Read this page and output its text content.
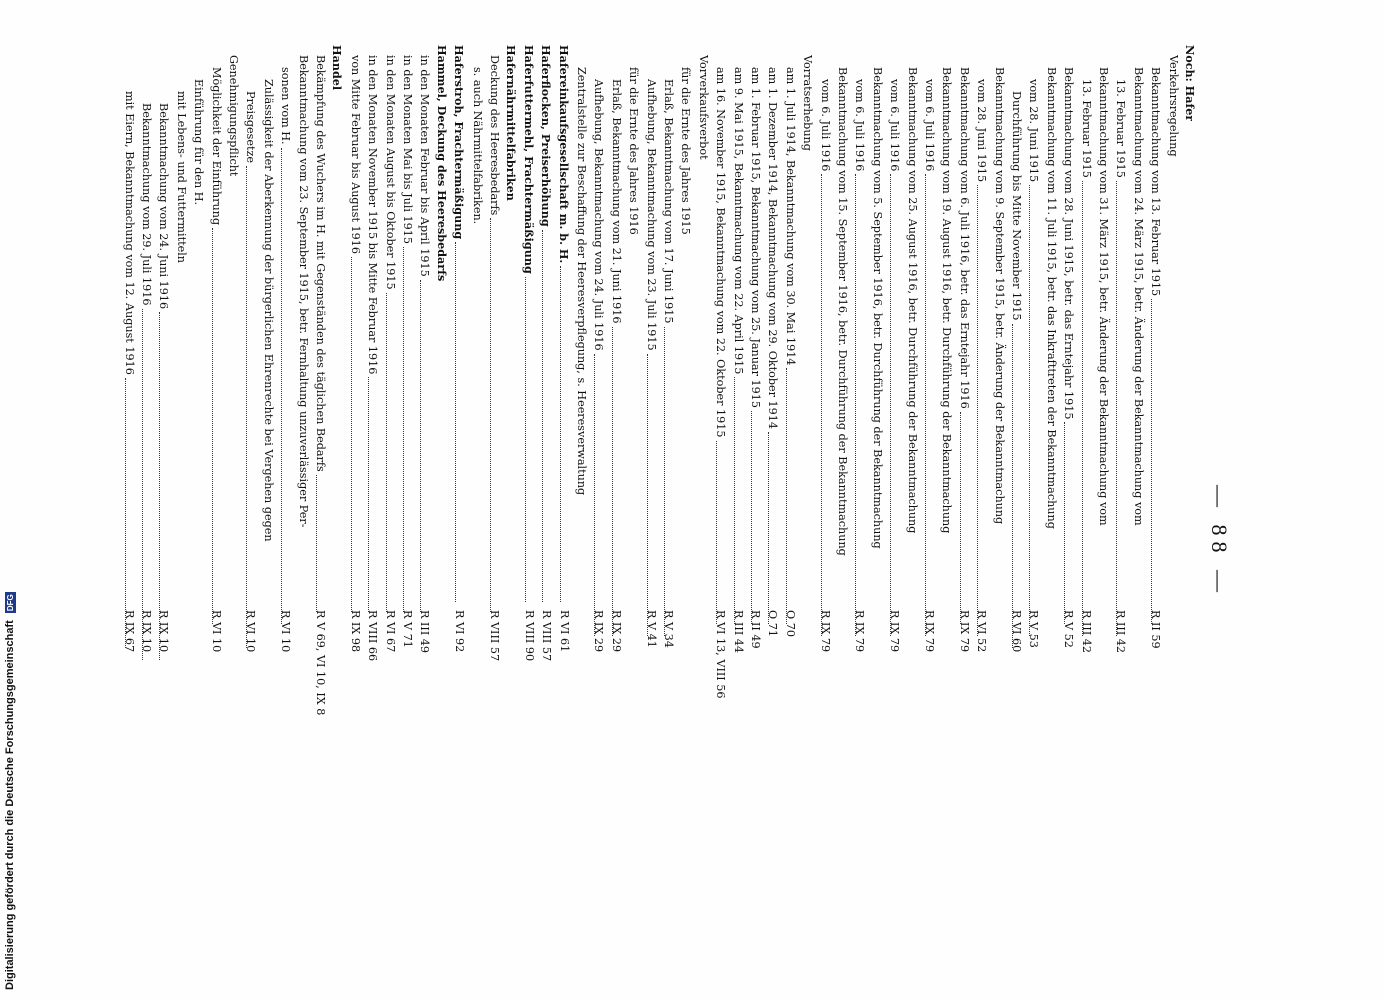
— 88 —
Noch: Hafer
Verkehrsregelung
Bekanntmachung vom 13. Februar 1915
R II 59
Bekanntmachung vom 24. März 1915, betr. Änderung der Bekanntmachung vom
13. Februar 1915
R III 42
Bekanntmachung vom 31. März 1915, betr. Änderung der Bekanntmachung vom
13. Februar 1915
R III 42
Bekanntmachung vom 28. Juni 1915, betr. das Erntejahr 1915
R V 52
Bekanntmachung vom 11. Juli 1915, betr. das Inkrafttreten der Bekanntmachung
vom 28. Juni 1915
R V 53
Durchführung bis Mitte November 1915
R VI 60
Bekanntmachung vom 9. September 1915, betr. Änderung der Bekanntmachung
vom 28. Juni 1915
R VI 52
Bekanntmachung vom 6. Juli 1916, betr. das Erntejahr 1916
R IX 79
Bekanntmachung vom 19. August 1916, betr. Durchführung der Bekanntmachung
vom 6. Juli 1916
R IX 79
Bekanntmachung vom 25. August 1916, betr. Durchführung der Bekanntmachung
vom 6. Juli 1916
R IX 79
Bekanntmachung vom 5. September 1916, betr. Durchführung der Bekanntmachung
vom 6. Juli 1916
R IX 79
Bekanntmachung vom 15. September 1916, betr. Durchführung der Bekanntmachung
vom 6. Juli 1916
R IX 79
Vorratserhebung
am 1. Juli 1914, Bekanntmachung vom 30. Mai 1914
O 70
am 1. Dezember 1914, Bekanntmachung vom 29. Oktober 1914
O 71
am 1. Februar 1915, Bekanntmachung vom 25. Januar 1915
R II 49
am 9. Mai 1915, Bekanntmachung vom 22. April 1915
R III 44
am 16. November 1915, Bekanntmachung vom 22. Oktober 1915
R VI 13, VIII 56
Vorverkaufsverbot
für die Ernte des Jahres 1915
Erlaß, Bekanntmachung vom 17. Juni 1915
R V 34
Aufhebung, Bekanntmachung vom 23. Juli 1915
R V 41
für die Ernte des Jahres 1916
Erlaß, Bekanntmachung vom 21. Juni 1916
R IX 29
Aufhebung, Bekanntmachung vom 24. Juli 1916
R IX 29
Zentralstelle zur Beschaffung der Heeresverpflegung, s. Heeresverwaltung
Hafereinkaufsgesellschaft m. b. H.
R VI 61
Haferflocken, Preiserhöhung
R VIII 57
Haferfuttermehl, Frachtermäßigung
R VIII 90
Hafernährmittelfabriken
Deckung des Heeresbedarfs
R VIII 57
s. auch Nährmittelfabriken.
Haferstroh, Frachtermäßigung
R VI 92
Hammel, Deckung des Heeresbedarfs
in den Monaten Februar bis April 1915
R III 49
in den Monaten Mai bis Juli 1915
R V 71
in den Monaten August bis Oktober 1915
R VI 67
in den Monaten November 1915 bis Mitte Februar 1916
R VIII 66
von Mitte Februar bis August 1916
R IX 98
Handel
Bekämpfung des Wuchers im H. mit Gegenständen des täglichen Bedarfs
R V 69, VI 10, IX 8
Bekanntmachung vom 23. September 1915, betr. Fernhaltung unzuverlässiger Per-
sonen vom H.
R VI 10
Zulässigkeit der Aberkennung der bürgerlichen Ehrenrechte bei Vergehen gegen
Preisgesetze
R VI 10
Genehmigungspflicht
Möglichkeit der Einführung
R VI 10
Einführung für den H.
mit Lebens- und Futtermitteln
Bekanntmachung vom 24. Juni 1916
R IX 10
Bekanntmachung vom 29. Juli 1916
R IX 10
mit Eiern, Bekanntmachung vom 12. August 1916
R IX 67
Digitalisierung gefördert durch die Deutsche Forschungsgemeinschaft DFG
